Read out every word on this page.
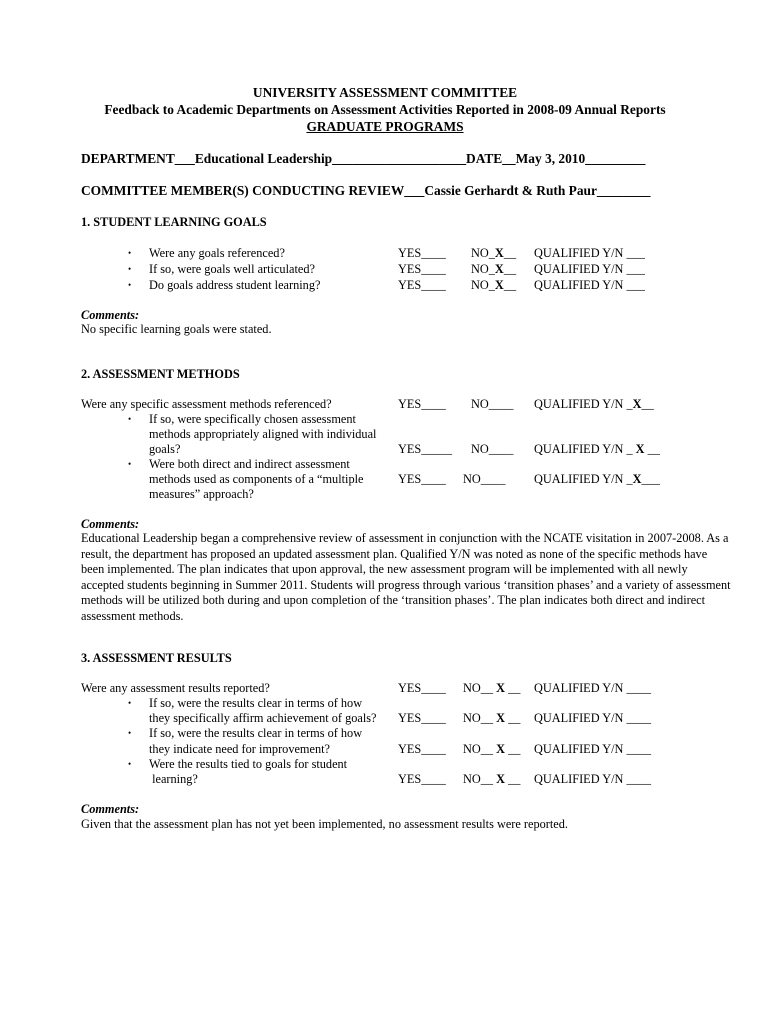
UNIVERSITY ASSESSMENT COMMITTEE
Feedback to Academic Departments on Assessment Activities Reported in 2008-09 Annual Reports
GRADUATE PROGRAMS
DEPARTMENT___Educational Leadership____________________DATE__May 3, 2010_________
COMMITTEE MEMBER(S) CONDUCTING REVIEW___Cassie Gerhardt & Ruth Paur________
1. STUDENT LEARNING GOALS
• Were any goals referenced?
• If so, were goals well articulated?
• Do goals address student learning?
YES____ NO_X__ QUALIFIED Y/N ___
YES____ NO_X__ QUALIFIED Y/N ___
YES____ NO_X__ QUALIFIED Y/N ___
Comments:
No specific learning goals were stated.
2. ASSESSMENT METHODS
Were any specific assessment methods referenced?
• If so, were specifically chosen assessment
methods appropriately aligned with individual
goals?
• Were both direct and indirect assessment
methods used as components of a “multiple
measures” approach?
YES____ NO____ QUALIFIED Y/N _X__
YES_____ NO____ QUALIFIED Y/N _ X __
YES____ NO____ QUALIFIED Y/N _X___
Comments:
Educational Leadership began a comprehensive review of assessment in conjunction with the NCATE visitation in 2007-2008. As a result, the department has proposed an updated assessment plan. Qualified Y/N was noted as none of the specific methods have been implemented. The plan indicates that upon approval, the new assessment program will be implemented with all newly accepted students beginning in Summer 2011. Students will progress through various ‘transition phases’ and a variety of assessment methods will be utilized both during and upon completion of the ‘transition phases’. The plan indicates both direct and indirect assessment methods.
3. ASSESSMENT RESULTS
Were any assessment results reported?
• If so, were the results clear in terms of how
they specifically affirm achievement of goals?
• If so, were the results clear in terms of how
they indicate need for improvement?
• Were the results tied to goals for student
learning?
YES____ NO__ X __ QUALIFIED Y/N ____
YES____ NO__ X __ QUALIFIED Y/N ____
YES____ NO__ X __ QUALIFIED Y/N ____
YES____ NO__ X __ QUALIFIED Y/N ____
Comments:
Given that the assessment plan has not yet been implemented, no assessment results were reported.
